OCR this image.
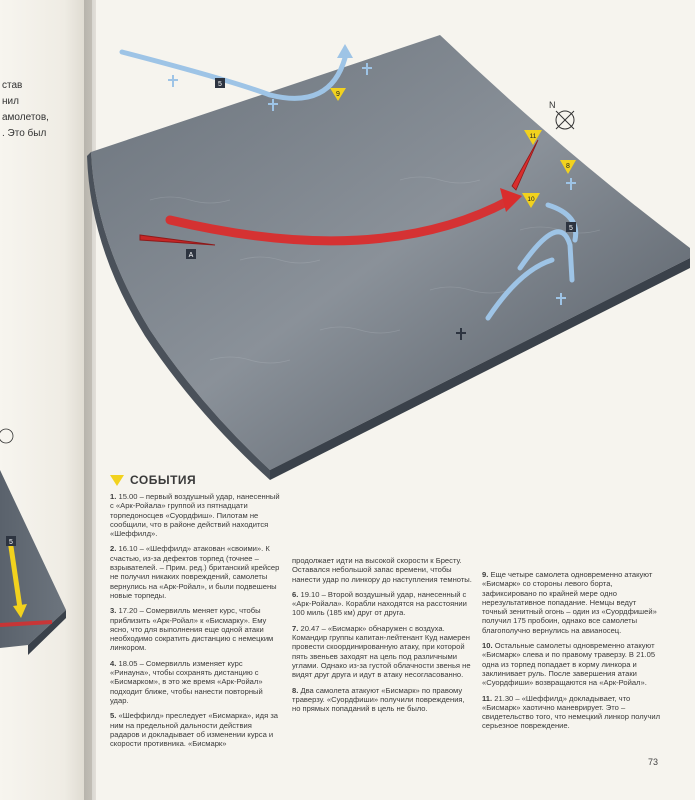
став
нил
амолетов,
. Это был
5
A
5
9
5
11
8
10
N
СОБЫТИЯ

1. 15.00 – первый воздушный удар, нанесенный с «Арк-Ройала» группой из пятнадцати торпедоносцев «Суордфиш». Пилотам не сообщили, что в районе действий находится «Шеффилд».

2. 16.10 – «Шеффилд» атакован «своими». К счастью, из-за дефектов торпед (точнее – взрывателей. – Прим. ред.) британский крейсер не получил никаких повреждений, самолеты вернулись на «Арк-Ройал», и были подвешены новые торпеды.

3. 17.20 – Сомервилль меняет курс, чтобы приблизить «Арк-Ройал» к «Бисмарку». Ему ясно, что для выполнения еще одной атаки необходимо сократить дистанцию с немецким линкором.

4. 18.05 – Сомервилль изменяет курс «Ринауна», чтобы сохранять дистанцию с «Бисмарком», в это же время «Арк-Ройал» подходит ближе, чтобы нанести повторный удар.

5. «Шеффилд» преследует «Бисмарка», идя за ним на предельной дальности действия радаров и докладывает об изменении курса и скорости противника. «Бисмарк»

продолжает идти на высокой скорости к Бресту. Оставался небольшой запас времени, чтобы нанести удар по линкору до наступления темноты.

6. 19.10 – Второй воздушный удар, нанесенный с «Арк-Ройала». Корабли находятся на расстоянии 100 миль (185 км) друг от друга.

7. 20.47 – «Бисмарк» обнаружен с воздуха. Командир группы капитан-лейтенант Куд намерен провести скоординированную атаку, при которой пять звеньев заходят на цель под различными углами. Однако из-за густой облачности звенья не видят друг друга и идут в атаку несогласованно.

8. Два самолета атакуют «Бисмарк» по правому траверзу. «Суордфиши» получили повреждения, но прямых попаданий в цель не было.

9. Еще четыре самолета одновременно атакуют «Бисмарк» со стороны левого борта, зафиксировано по крайней мере одно нерезультативное попадание. Немцы ведут точный зенитный огонь – один из «Суордфишей» получил 175 пробоин, однако все самолеты благополучно вернулись на авианосец.

10. Остальные самолеты одновременно атакуют «Бисмарк» слева и по правому траверзу. В 21.05 одна из торпед попадает в корму линкора и заклинивает руль. После завершения атаки «Суордфиши» возвращаются на «Арк-Ройал».

11. 21.30 – «Шеффилд» докладывает, что «Бисмарк» хаотично маневрирует. Это – свидетельство того, что немецкий линкор получил серьезное повреждение.

73
